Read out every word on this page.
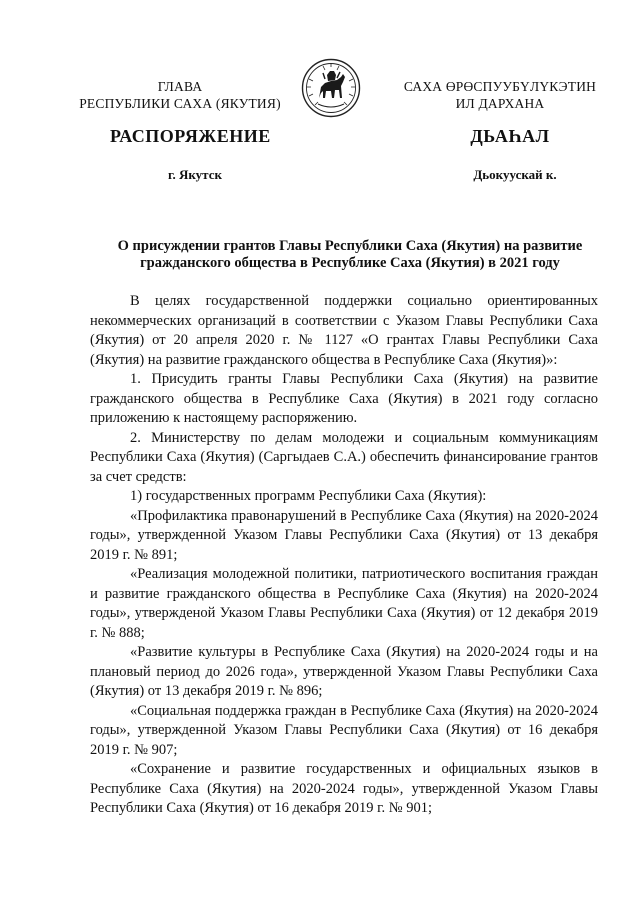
ГЛАВА
РЕСПУБЛИКИ САХА (ЯКУТИЯ)
САХА ӨРӨСПУУБҮЛҮКЭТИН
ИЛ ДАРХАНА
РАСПОРЯЖЕНИЕ	ДЬАҺАЛ
г. Якутск	Дьокуускай к.
О присуждении грантов Главы Республики Саха (Якутия) на развитие
гражданского общества в Республике Саха (Якутия) в 2021 году

В целях государственной поддержки социально ориентированных некоммерческих организаций в соответствии с Указом Главы Республики Саха (Якутия) от 20 апреля 2020 г. № 1127 «О грантах Главы Республики Саха (Якутия) на развитие гражданского общества в Республике Саха (Якутия)»:

1. Присудить гранты Главы Республики Саха (Якутия) на развитие гражданского общества в Республике Саха (Якутия) в 2021 году согласно приложению к настоящему распоряжению.

2. Министерству по делам молодежи и социальным коммуникациям Республики Саха (Якутия) (Саргыдаев С.А.) обеспечить финансирование грантов за счет средств:

1) государственных программ Республики Саха (Якутия):

«Профилактика правонарушений в Республике Саха (Якутия) на 2020-2024 годы», утвержденной Указом Главы Республики Саха (Якутия) от 13 декабря 2019 г. № 891;

«Реализация молодежной политики, патриотического воспитания граждан и развитие гражданского общества в Республике Саха (Якутия) на 2020-2024 годы», утвержденой Указом Главы Республики Саха (Якутия) от 12 декабря 2019 г. № 888;

«Развитие культуры в Республике Саха (Якутия) на 2020-2024 годы и на плановый период до 2026 года», утвержденной Указом Главы Республики Саха (Якутия) от 13 декабря 2019 г. № 896;

«Социальная поддержка граждан в Республике Саха (Якутия) на 2020-2024 годы», утвержденной Указом Главы Республики Саха (Якутия) от 16 декабря 2019 г. № 907;

«Сохранение и развитие государственных и официальных языков в Республике Саха (Якутия) на 2020-2024 годы», утвержденной Указом Главы Республики Саха (Якутия) от 16 декабря 2019 г. № 901;
